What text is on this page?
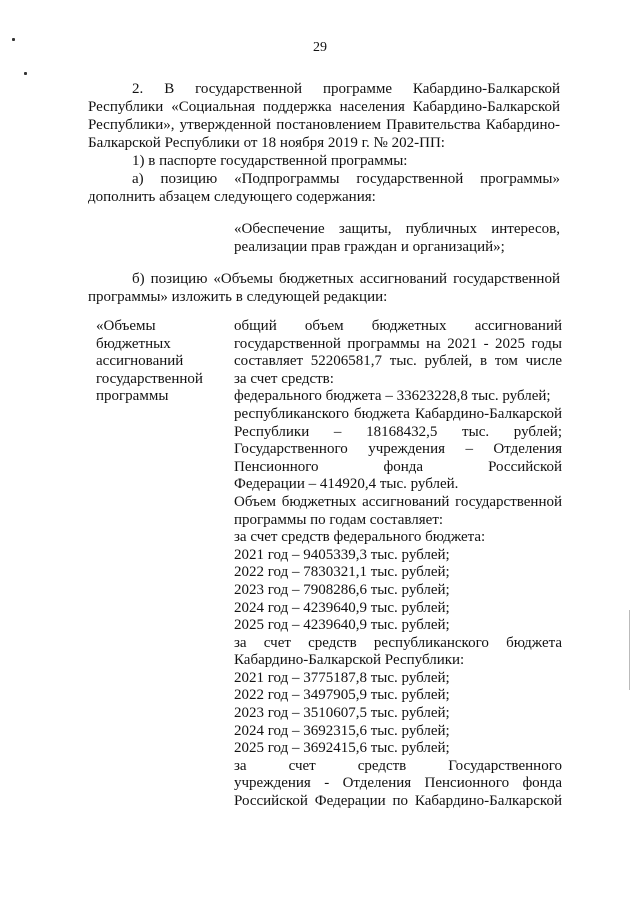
29
2. В государственной программе Кабардино-Балкарской Республики «Социальная поддержка населения Кабардино-Балкарской Республики», утвержденной постановлением Правительства Кабардино-Балкарской Республики от 18 ноября 2019 г. № 202-ПП:
1) в паспорте государственной программы:
а) позицию «Подпрограммы государственной программы» дополнить абзацем следующего содержания:
«Обеспечение защиты, публичных интересов, реализации прав граждан и организаций»;
б) позицию «Объемы бюджетных ассигнований государственной программы» изложить в следующей редакции:
«Объемы
бюджетных
ассигнований
государственной
программы
общий объем бюджетных ассигнований
государственной программы на 2021 - 2025 годы
составляет 52206581,7 тыс. рублей, в том числе
за счет средств:
федерального бюджета – 33623228,8 тыс. рублей;
республиканского бюджета Кабардино-Балкарской
Республики – 18168432,5 тыс. рублей;
Государственного учреждения – Отделения
Пенсионного фонда Российской
Федерации – 414920,4 тыс. рублей.
Объем бюджетных ассигнований государственной
программы по годам составляет:
за счет средств федерального бюджета:
2021 год – 9405339,3 тыс. рублей;
2022 год – 7830321,1 тыс. рублей;
2023 год – 7908286,6 тыс. рублей;
2024 год – 4239640,9 тыс. рублей;
2025 год – 4239640,9 тыс. рублей;
за счет средств республиканского бюджета
Кабардино-Балкарской Республики:
2021 год – 3775187,8 тыс. рублей;
2022 год – 3497905,9 тыс. рублей;
2023 год – 3510607,5 тыс. рублей;
2024 год – 3692315,6 тыс. рублей;
2025 год – 3692415,6 тыс. рублей;
за счет средств Государственного
учреждения - Отделения Пенсионного фонда
Российской Федерации по Кабардино-Балкарской
